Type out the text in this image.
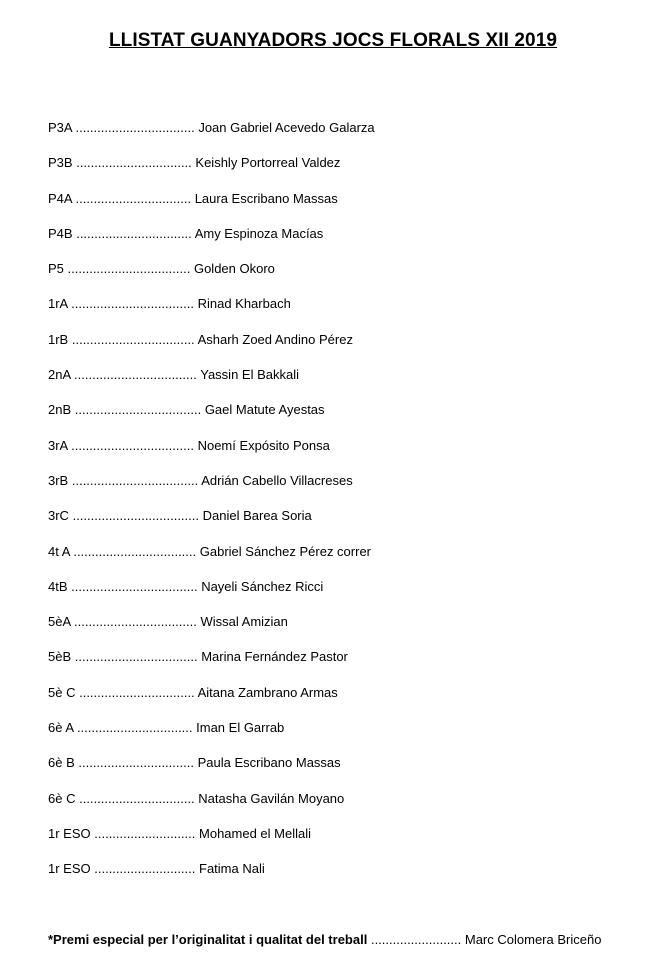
LLISTAT GUANYADORS JOCS FLORALS XII 2019
P3A ................................. Joan Gabriel Acevedo Galarza
P3B ................................ Keishly Portorreal Valdez
P4A ................................ Laura Escribano Massas
P4B ................................ Amy Espinoza Macías
P5 .................................. Golden Okoro
1rA .................................. Rinad Kharbach
1rB .................................. Asharh Zoed Andino Pérez
2nA .................................. Yassin El Bakkali
2nB ................................... Gael Matute Ayestas
3rA .................................. Noemí Expósito Ponsa
3rB ................................... Adrián Cabello Villacreses
3rC ................................... Daniel Barea Soria
4t A .................................. Gabriel Sánchez Pérez correr
4tB ................................... Nayeli Sánchez Ricci
5èA .................................. Wissal Amizian
5èB .................................. Marina Fernández Pastor
5è C ................................ Aitana Zambrano Armas
6è A ................................ Iman El Garrab
6è B ................................ Paula Escribano Massas
6è C ................................ Natasha Gavilán Moyano
1r ESO ............................ Mohamed el Mellali
1r ESO ............................ Fatima Nali
*Premi especial per l’originalitat i qualitat del treball ......................... Marc Colomera Briceño
